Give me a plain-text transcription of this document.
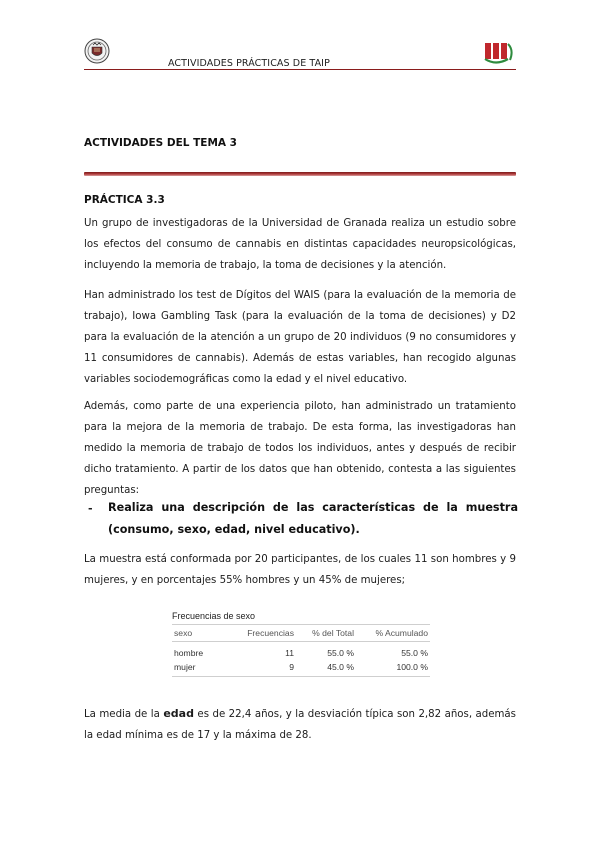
ACTIVIDADES PRÁCTICAS DE TAIP
ACTIVIDADES DEL TEMA 3
PRÁCTICA 3.3

Un grupo de investigadoras de la Universidad de Granada realiza un estudio sobre los efectos del consumo de cannabis en distintas capacidades neuropsicológicas, incluyendo la memoria de trabajo, la toma de decisiones y la atención.

Han administrado los test de Dígitos del WAIS (para la evaluación de la memoria de trabajo), Iowa Gambling Task (para la evaluación de la toma de decisiones) y D2 para la evaluación de la atención a un grupo de 20 individuos (9 no consumidores y 11 consumidores de cannabis). Además de estas variables, han recogido algunas variables sociodemográficas como la edad y el nivel educativo.

Además, como parte de una experiencia piloto, han administrado un tratamiento para la mejora de la memoria de trabajo. De esta forma, las investigadoras han medido la memoria de trabajo de todos los individuos, antes y después de recibir dicho tratamiento. A partir de los datos que han obtenido, contesta a las siguientes preguntas:

- Realiza una descripción de las características de la muestra (consumo, sexo, edad, nivel educativo).

La muestra está conformada por 20 participantes, de los cuales 11 son hombres y 9 mujeres, y en porcentajes 55% hombres y un 45% de mujeres;

Frecuencias de sexo
sexo	Frecuencias	% del Total	% Acumulado
hombre	11	55.0 %	55.0 %
mujer	9	45.0 %	100.0 %

La media de la edad es de 22,4 años, y la desviación típica son 2,82 años, además la edad mínima es de 17 y la máxima de 28.
